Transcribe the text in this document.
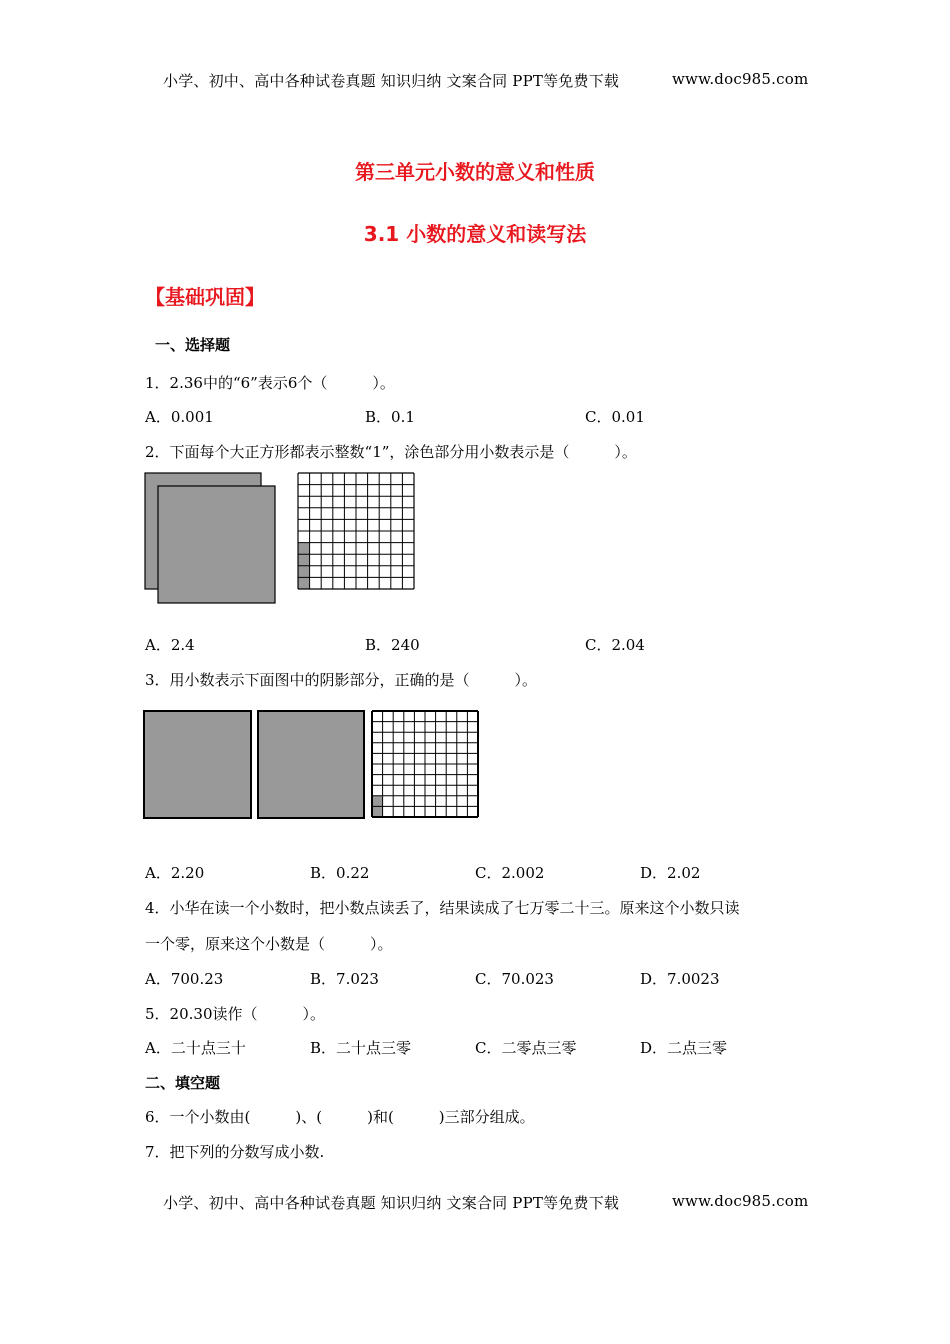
小学、初中、高中各种试卷真题 知识归纳 文案合同 PPT等免费下载	www.doc985.com
第三单元小数的意义和性质
3.1 小数的意义和读写法
【基础巩固】
一、选择题
1．2.36中的“6”表示6个（　　　）。
A．0.001	B．0.1	C．0.01
2．下面每个大正方形都表示整数“1”，涂色部分用小数表示是（　　　）。
A．2.4	B．240	C．2.04
3．用小数表示下面图中的阴影部分，正确的是（　　　）。
A．2.20	B．0.22	C．2.002	D．2.02
4．小华在读一个小数时，把小数点读丢了，结果读成了七万零二十三。原来这个小数只读
一个零，原来这个小数是（　　　）。
A．700.23	B．7.023	C．70.023	D．7.0023
5．20.30读作（　　　）。
A．二十点三十	B．二十点三零	C．二零点三零	D．二点三零
二、填空题
6．一个小数由(　　　)、(　　　)和(　　　)三部分组成。
7．把下列的分数写成小数.
小学、初中、高中各种试卷真题 知识归纳 文案合同 PPT等免费下载	www.doc985.com
